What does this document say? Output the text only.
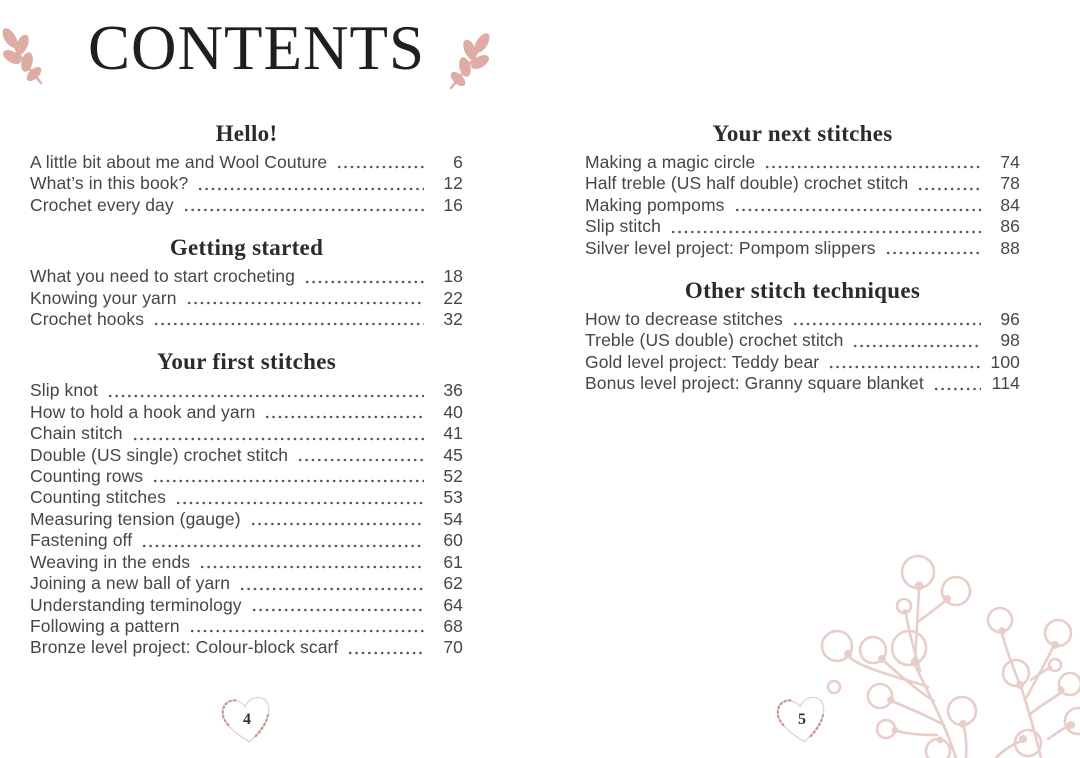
CONTENTS
Hello!
A little bit about me and Wool Couture	6
What’s in this book?	12
Crochet every day	16
Getting started
What you need to start crocheting	18
Knowing your yarn	22
Crochet hooks	32
Your first stitches
Slip knot	36
How to hold a hook and yarn	40
Chain stitch	41
Double (US single) crochet stitch	45
Counting rows	52
Counting stitches	53
Measuring tension (gauge)	54
Fastening off	60
Weaving in the ends	61
Joining a new ball of yarn	62
Understanding terminology	64
Following a pattern	68
Bronze level project: Colour-block scarf	70
Your next stitches
Making a magic circle	74
Half treble (US half double) crochet stitch	78
Making pompoms	84
Slip stitch	86
Silver level project: Pompom slippers	88
Other stitch techniques
How to decrease stitches	96
Treble (US double) crochet stitch	98
Gold level project: Teddy bear	100
Bonus level project: Granny square blanket	114
4	5
